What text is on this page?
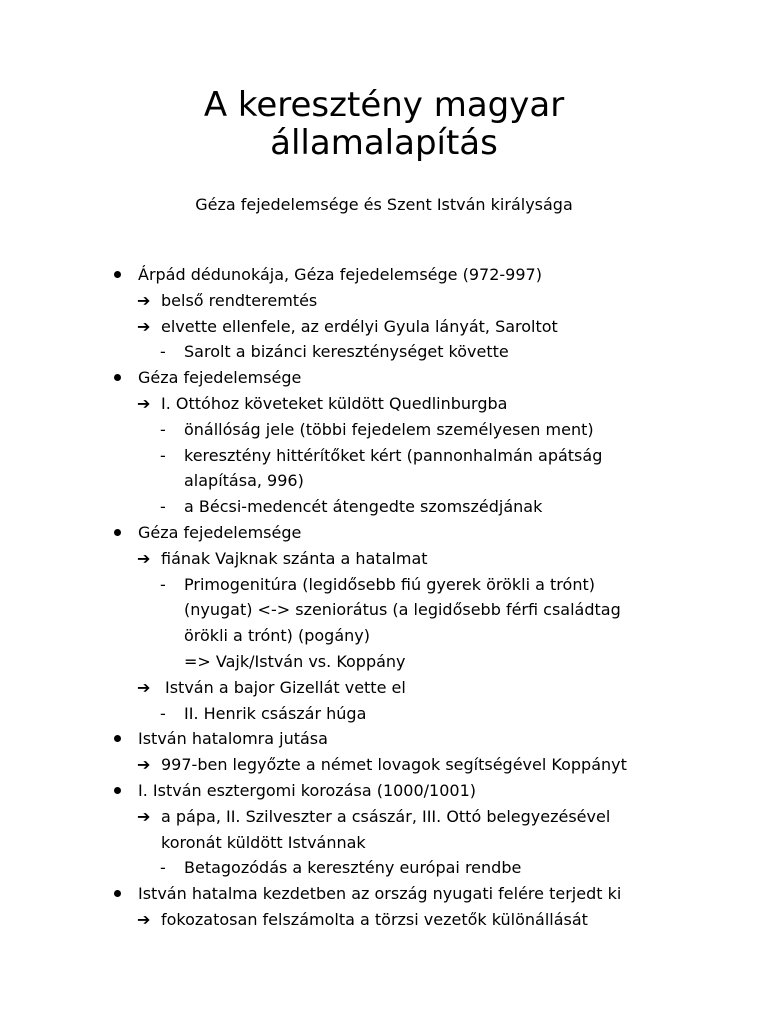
A keresztény magyar
államalapítás
Géza fejedelemsége és Szent István királysága
Árpád dédunokája, Géza fejedelemsége (972-997)
➔ belső rendteremtés
➔ elvette ellenfele, az erdélyi Gyula lányát, Saroltot
- Sarolt a bizánci kereszténységet követte
Géza fejedelemsége
➔ I. Ottóhoz követeket küldött Quedlinburgba
- önállóság jele (többi fejedelem személyesen ment)
- keresztény hittérítőket kért (pannonhalmán apátság
alapítása, 996)
- a Bécsi-medencét átengedte szomszédjának
Géza fejedelemsége
➔ fiának Vajknak szánta a hatalmat
- Primogenitúra (legidősebb fiú gyerek örökli a trónt)
(nyugat) <-> szeniorátus (a legidősebb férfi családtag
örökli a trónt) (pogány)
=> Vajk/István vs. Koppány
➔ István a bajor Gizellát vette el
- II. Henrik császár húga
István hatalomra jutása
➔ 997-ben legyőzte a német lovagok segítségével Koppányt
I. István esztergomi korozása (1000/1001)
➔ a pápa, II. Szilveszter a császár, III. Ottó belegyezésével
koronát küldött Istvánnak
- Betagozódás a keresztény európai rendbe
István hatalma kezdetben az ország nyugati felére terjedt ki
➔ fokozatosan felszámolta a törzsi vezetők különállását
